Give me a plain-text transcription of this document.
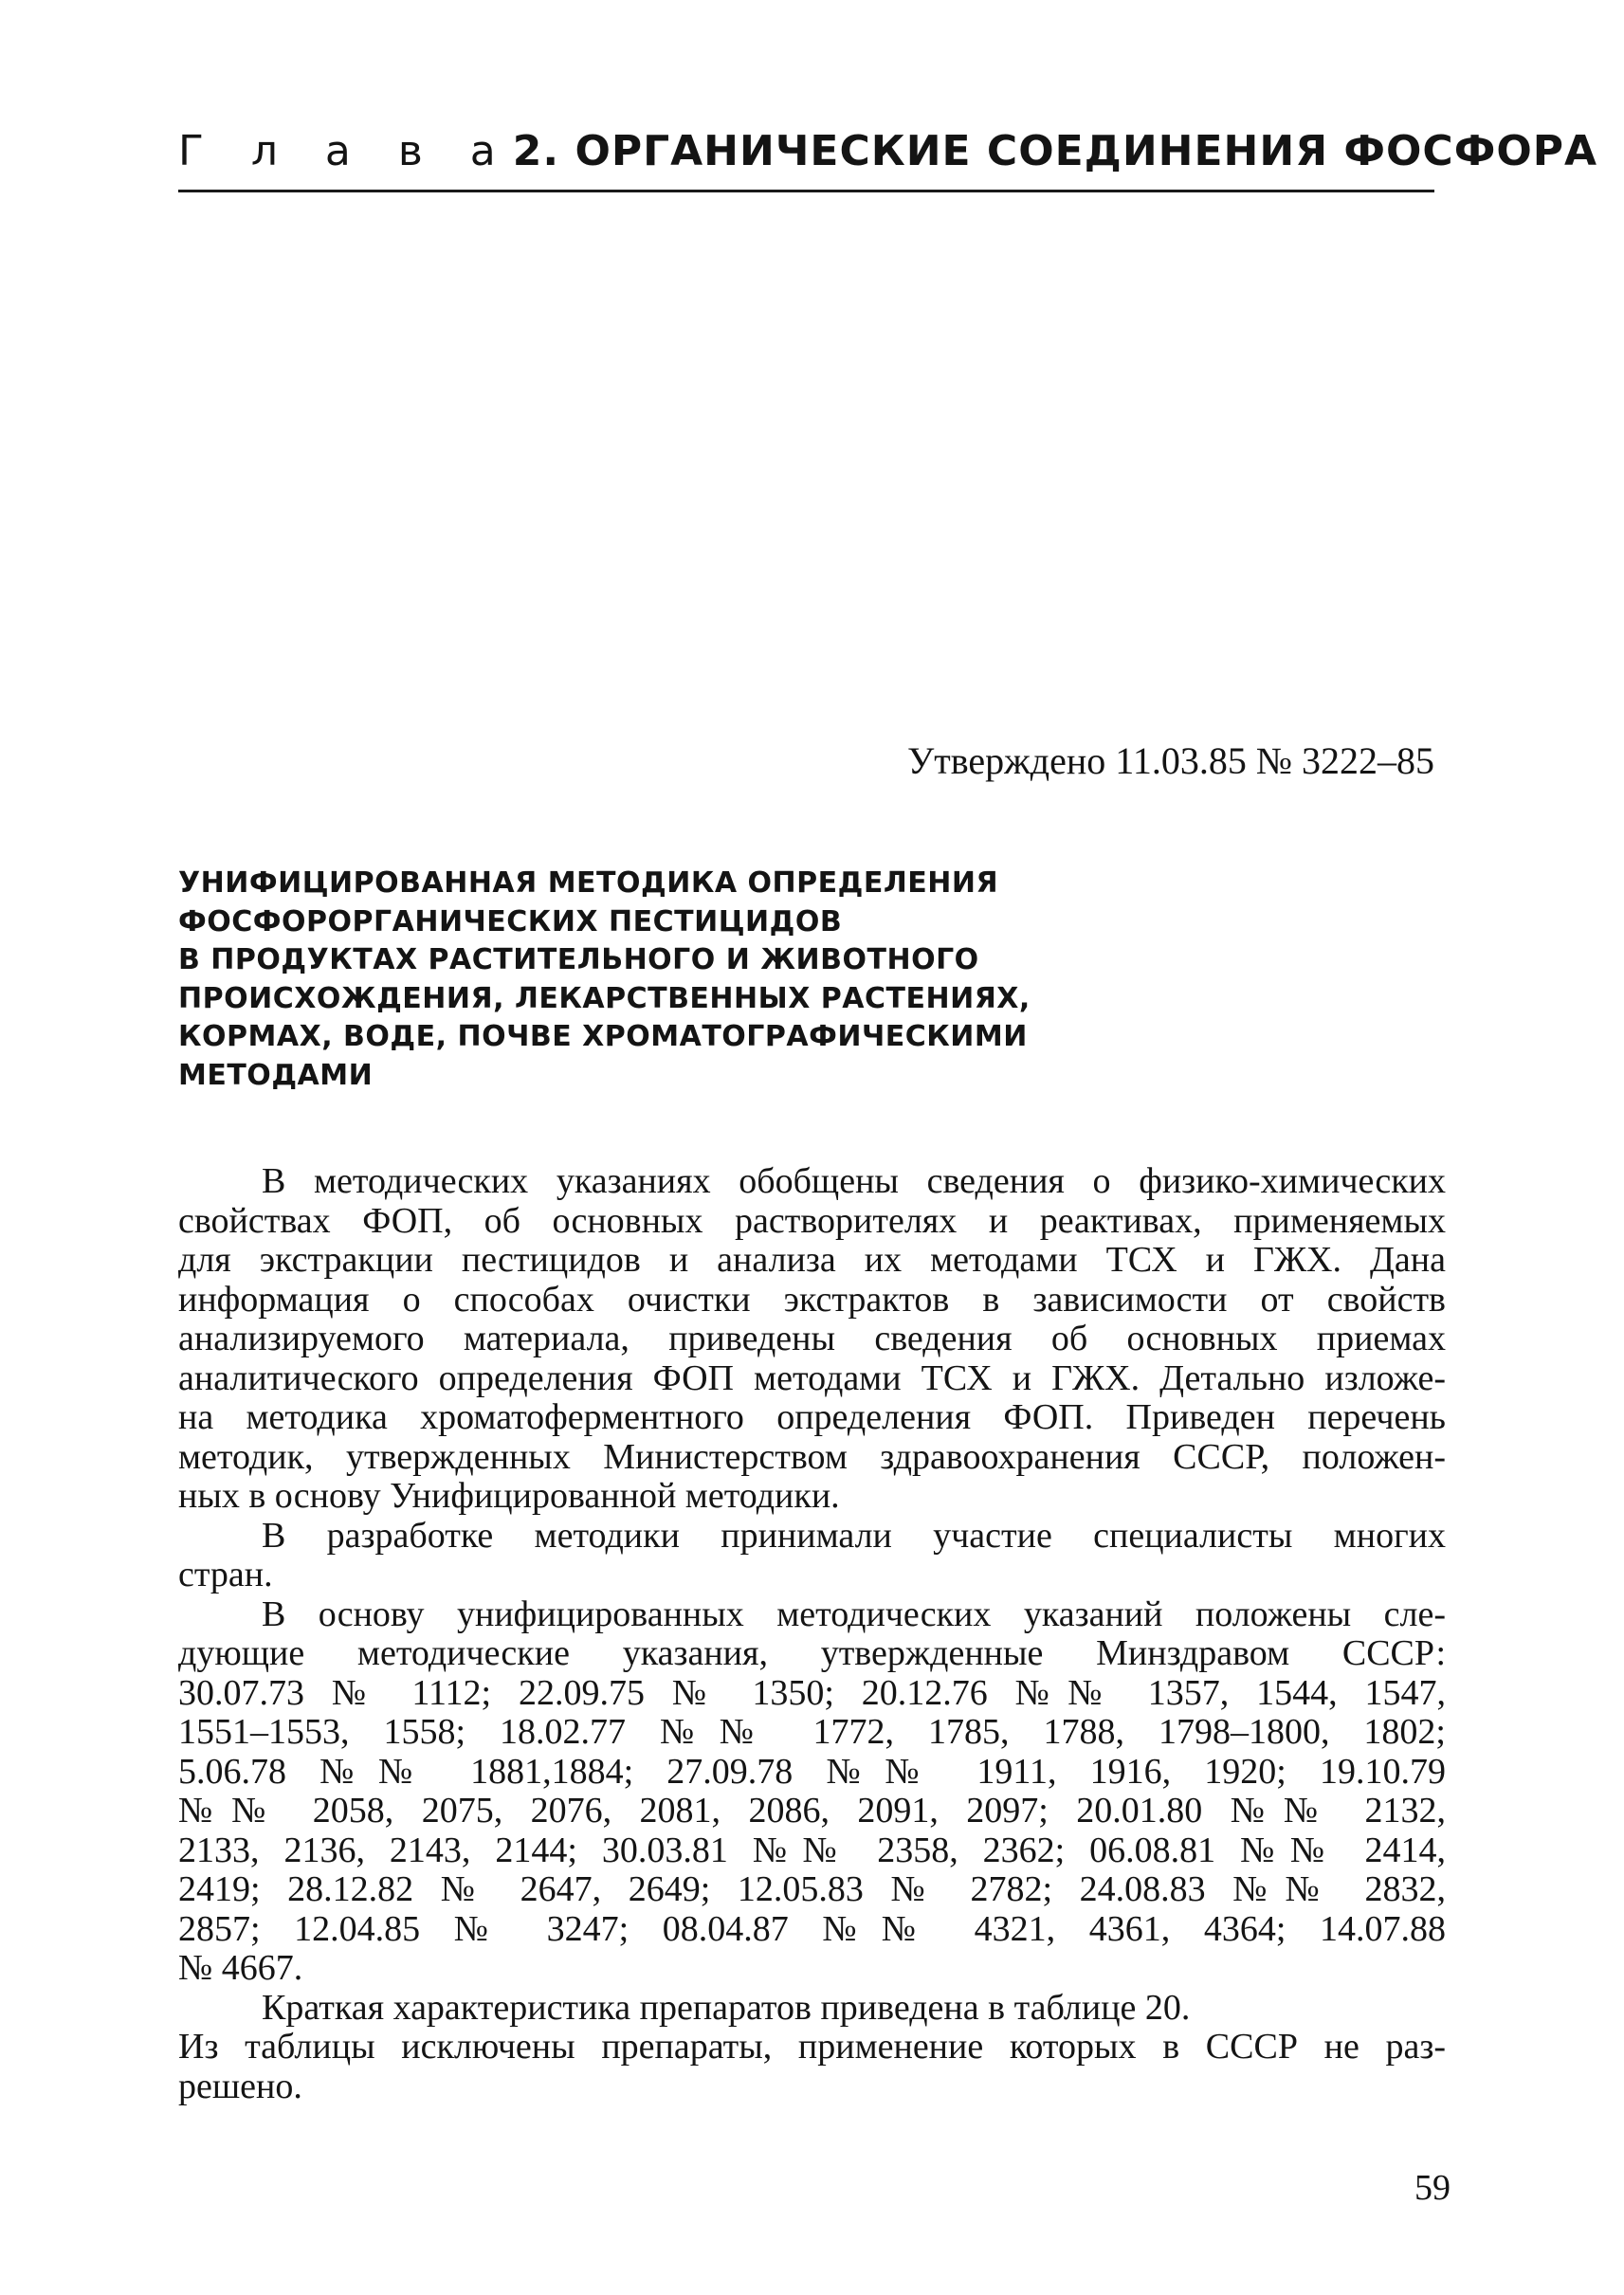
Г л а в а2. ОРГАНИЧЕСКИЕ СОЕДИНЕНИЯ ФОСФОРА
Утверждено 11.03.85 № 3222–85
УНИФИЦИРОВАННАЯ МЕТОДИКА ОПРЕДЕЛЕНИЯ
ФОСФОРОРГАНИЧЕСКИХ ПЕСТИЦИДОВ
В ПРОДУКТАХ РАСТИТЕЛЬНОГО И ЖИВОТНОГО
ПРОИСХОЖДЕНИЯ, ЛЕКАРСТВЕННЫХ РАСТЕНИЯХ,
КОРМАХ, ВОДЕ, ПОЧВЕ ХРОМАТОГРАФИЧЕСКИМИ
МЕТОДАМИ
В методических указаниях обобщены сведения о физико-химических
свойствах ФОП, об основных растворителях и реактивах, применяемых
для экстракции пестицидов и анализа их методами ТСХ и ГЖХ. Дана
информация о способах очистки экстрактов в зависимости от свойств
анализируемого материала, приведены сведения об основных приемах
аналитического определения ФОП методами ТСХ и ГЖХ. Детально изложе-
на методика хроматоферментного определения ФОП. Приведен перечень
методик, утвержденных Министерством здравоохранения СССР, положен-
ных в основу Унифицированной методики.
В разработке методики принимали участие специалисты многих
стран.
В основу унифицированных методических указаний положены сле-
дующие методические указания, утвержденные Минздравом СССР:
30.07.73 № 1112; 22.09.75 № 1350; 20.12.76 №№ 1357, 1544, 1547,
1551–1553, 1558; 18.02.77 №№ 1772, 1785, 1788, 1798–1800, 1802;
5.06.78 №№ 1881,1884; 27.09.78 №№ 1911, 1916, 1920; 19.10.79
№№ 2058, 2075, 2076, 2081, 2086, 2091, 2097; 20.01.80 №№ 2132,
2133, 2136, 2143, 2144; 30.03.81 №№ 2358, 2362; 06.08.81 №№ 2414,
2419; 28.12.82 № 2647, 2649; 12.05.83 № 2782; 24.08.83 №№ 2832,
2857; 12.04.85 № 3247; 08.04.87 №№ 4321, 4361, 4364; 14.07.88
№ 4667.
Краткая характеристика препаратов приведена в таблице 20.
Из таблицы исключены препараты, применение которых в СССР не раз-
решено.
59
